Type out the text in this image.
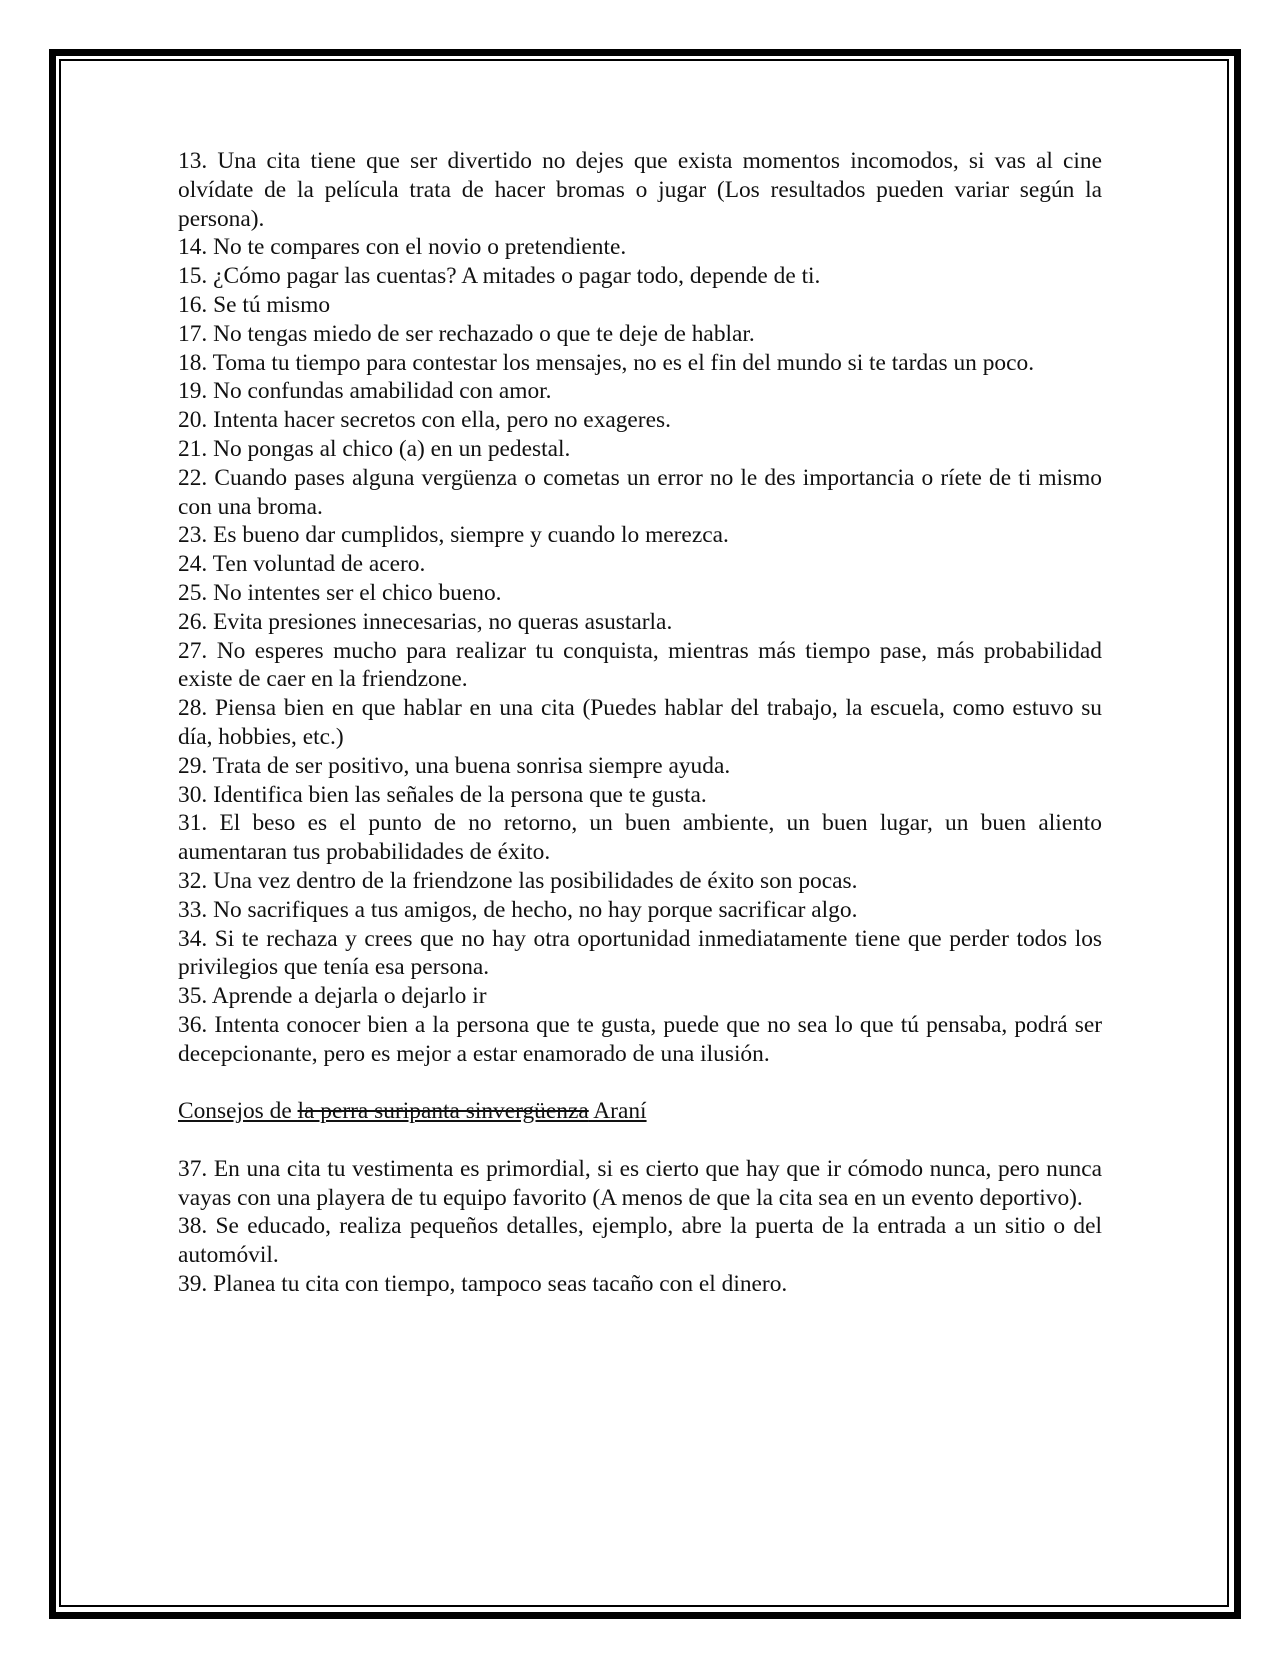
13. Una cita tiene que ser divertido no dejes que exista momentos incomodos, si vas al cine olvídate de la película trata de hacer bromas o jugar (Los resultados pueden variar según la persona).

14. No te compares con el novio o pretendiente.

15. ¿Cómo pagar las cuentas? A mitades o pagar todo, depende de ti.

16. Se tú mismo

17. No tengas miedo de ser rechazado o que te deje de hablar.

18. Toma tu tiempo para contestar los mensajes, no es el fin del mundo si te tardas un poco.

19. No confundas amabilidad con amor.

20. Intenta hacer secretos con ella, pero no exageres.

21. No pongas al chico (a) en un pedestal.

22. Cuando pases alguna vergüenza o cometas un error no le des importancia o ríete de ti mismo con una broma.

23. Es bueno dar cumplidos, siempre y cuando lo merezca.

24. Ten voluntad de acero.

25. No intentes ser el chico bueno.

26. Evita presiones innecesarias, no queras asustarla.

27. No esperes mucho para realizar tu conquista, mientras más tiempo pase, más probabilidad existe de caer en la friendzone.

28. Piensa bien en que hablar en una cita (Puedes hablar del trabajo, la escuela, como estuvo su día, hobbies, etc.)

29. Trata de ser positivo, una buena sonrisa siempre ayuda.

30. Identifica bien las señales de la persona que te gusta.

31. El beso es el punto de no retorno, un buen ambiente, un buen lugar, un buen aliento aumentaran tus probabilidades de éxito.

32. Una vez dentro de la friendzone las posibilidades de éxito son pocas.

33. No sacrifiques a tus amigos, de hecho, no hay porque sacrificar algo.

34. Si te rechaza y crees que no hay otra oportunidad inmediatamente tiene que perder todos los privilegios que tenía esa persona.

35. Aprende a dejarla o dejarlo ir

36. Intenta conocer bien a la persona que te gusta, puede que no sea lo que tú pensaba, podrá ser decepcionante, pero es mejor a estar enamorado de una ilusión.

Consejos de la perra suripanta sinvergüenza Araní

37. En una cita tu vestimenta es primordial, si es cierto que hay que ir cómodo nunca, pero nunca vayas con una playera de tu equipo favorito (A menos de que la cita sea en un evento deportivo).

38. Se educado, realiza pequeños detalles, ejemplo, abre la puerta de la entrada a un sitio o del automóvil.

39. Planea tu cita con tiempo, tampoco seas tacaño con el dinero.
